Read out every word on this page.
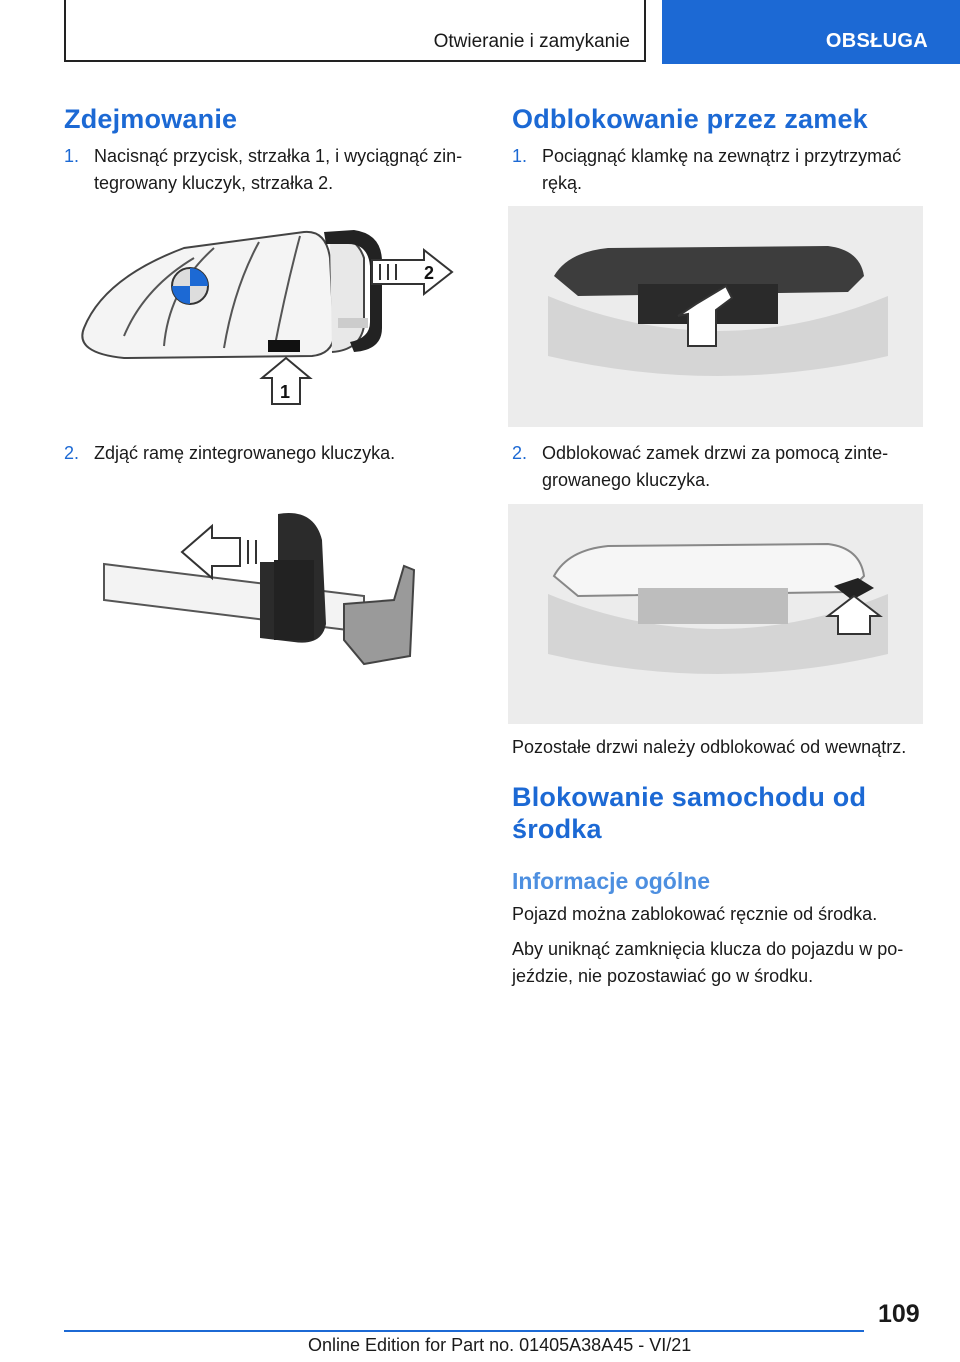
Otwieranie i zamykanie	OBSŁUGA
Zdejmowanie
1. Nacisnąć przycisk, strzałka 1, i wyciągnąć zintegrowany kluczyk, strzałka 2.
2
1
2. Zdjąć ramę zintegrowanego kluczyka.
Odblokowanie przez zamek
1. Pociągnąć klamkę na zewnątrz i przytrzymać ręką.
2. Odblokować zamek drzwi za pomocą zintegrowanego kluczyka.

Pozostałe drzwi należy odblokować od wewnątrz.

Blokowanie samochodu od środka
Informacje ogólne

Pojazd można zablokować ręcznie od środka.

Aby uniknąć zamknięcia klucza do pojazdu w pojeździe, nie pozostawiać go w środku.

109
Online Edition for Part no. 01405A38A45 - VI/21
